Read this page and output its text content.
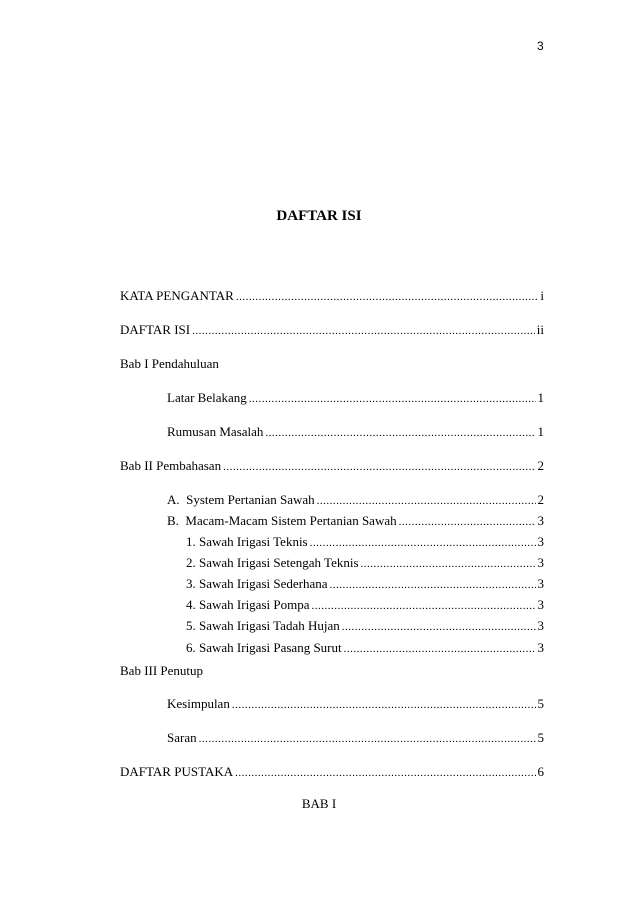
3
DAFTAR ISI
KATA PENGANTAR .....	i
DAFTAR ISI .....	ii
Bab I Pendahuluan
Latar Belakang .....	1
Rumusan Masalah .....	1
Bab II Pembahasan .....	2
A.  System Pertanian Sawah .....	2
B.  Macam-Macam Sistem Pertanian Sawah .....	3
1. Sawah Irigasi Teknis .....	3
2. Sawah Irigasi Setengah Teknis .....	3
3. Sawah Irigasi Sederhana .....	3
4. Sawah Irigasi Pompa .....	3
5. Sawah Irigasi Tadah Hujan .....	3
6. Sawah Irigasi Pasang Surut .....	3
Bab III Penutup
Kesimpulan .....	5
Saran .....	5
DAFTAR PUSTAKA .....	6
BAB I
